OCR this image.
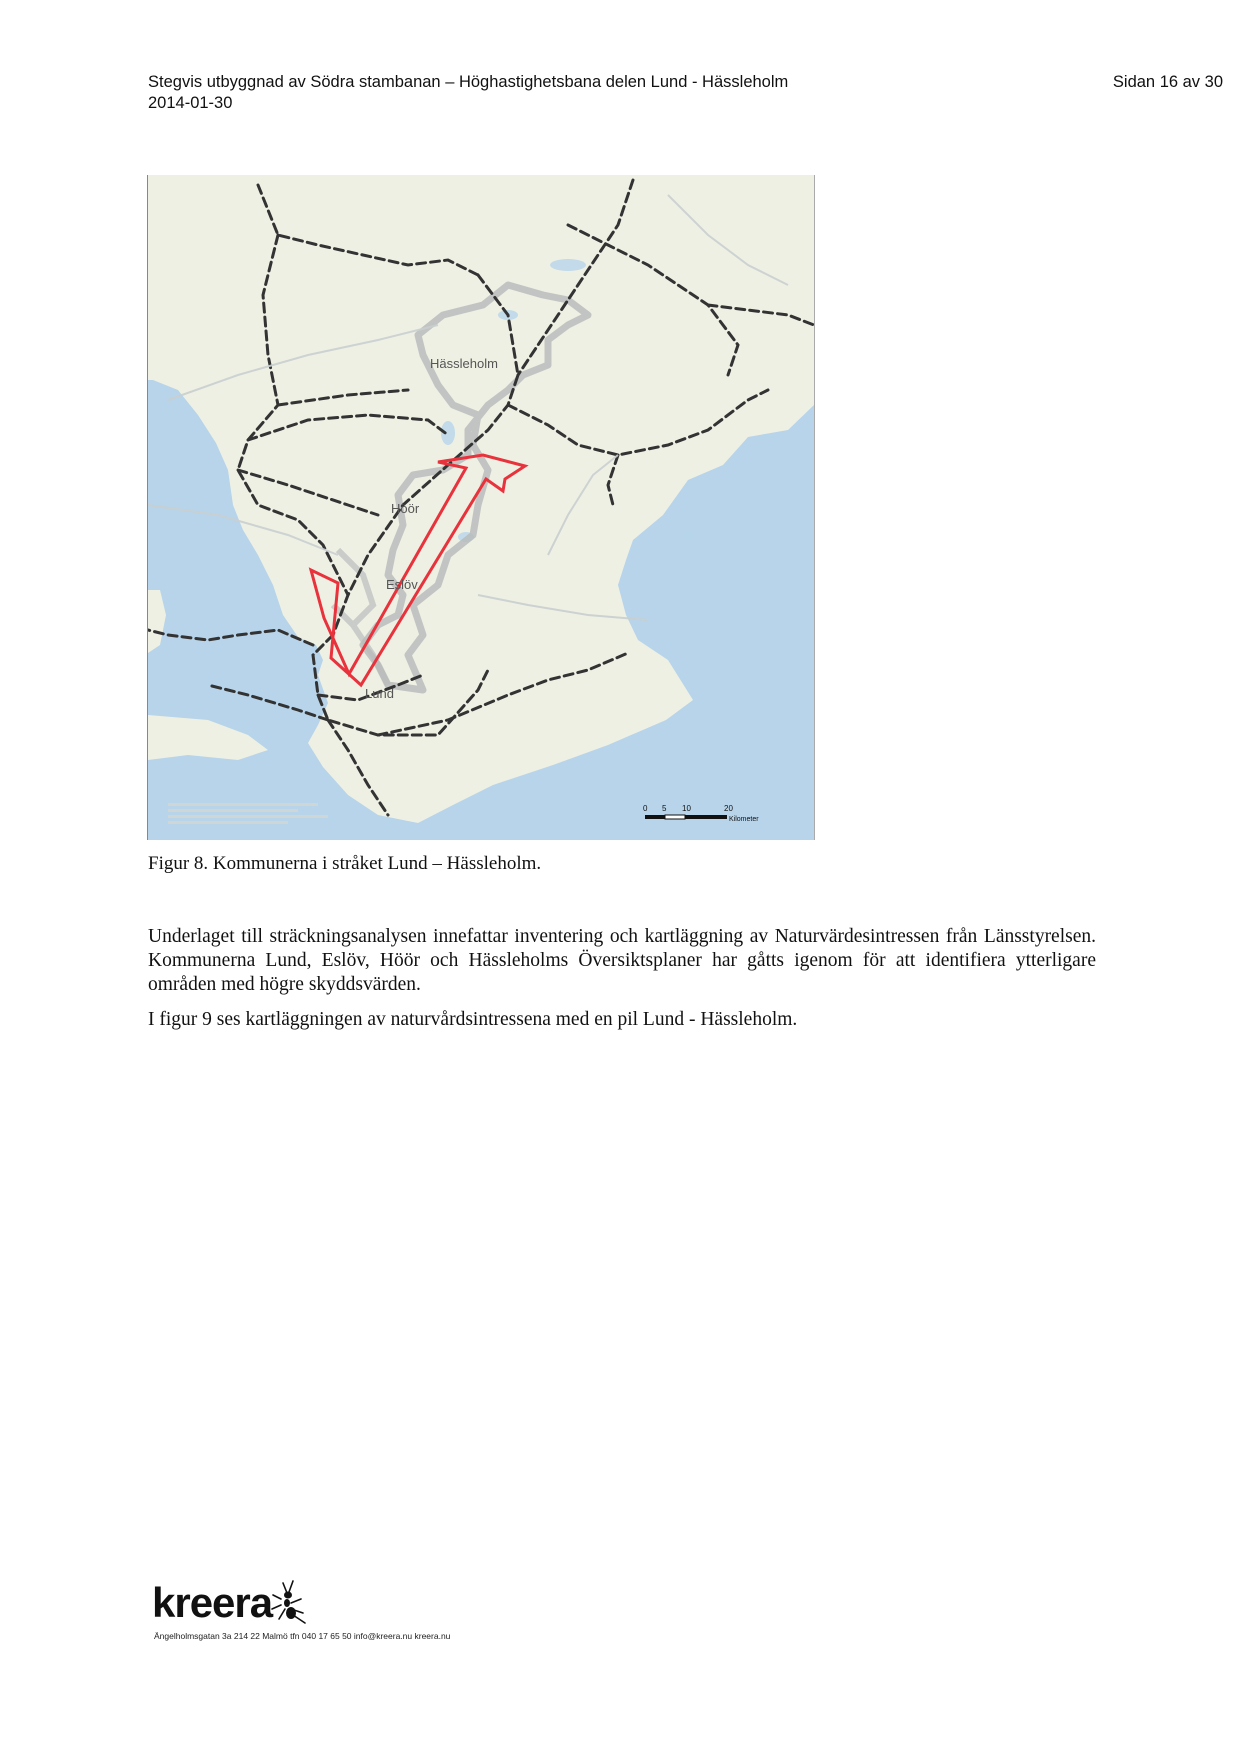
Stegvis utbyggnad av Södra stambanan – Höghastighetsbana delen Lund - Hässleholm
2014-01-30
Sidan 16 av 30
Hässleholm
Höör
Eslöv
Lund
0 5 10	20
Kilometer
Figur 8. Kommunerna i stråket Lund – Hässleholm.

Underlaget till sträckningsanalysen innefattar inventering och kartläggning av Naturvärdesintressen från Länsstyrelsen. Kommunerna Lund, Eslöv, Höör och Hässleholms Översiktsplaner har gåtts igenom för att identifiera ytterligare områden med högre skyddsvärden.

I figur 9 ses kartläggningen av naturvårdsintressena med en pil Lund - Hässleholm.

kreera
Ängelholmsgatan 3a 214 22 Malmö tfn 040 17 65 50 info@kreera.nu kreera.nu
